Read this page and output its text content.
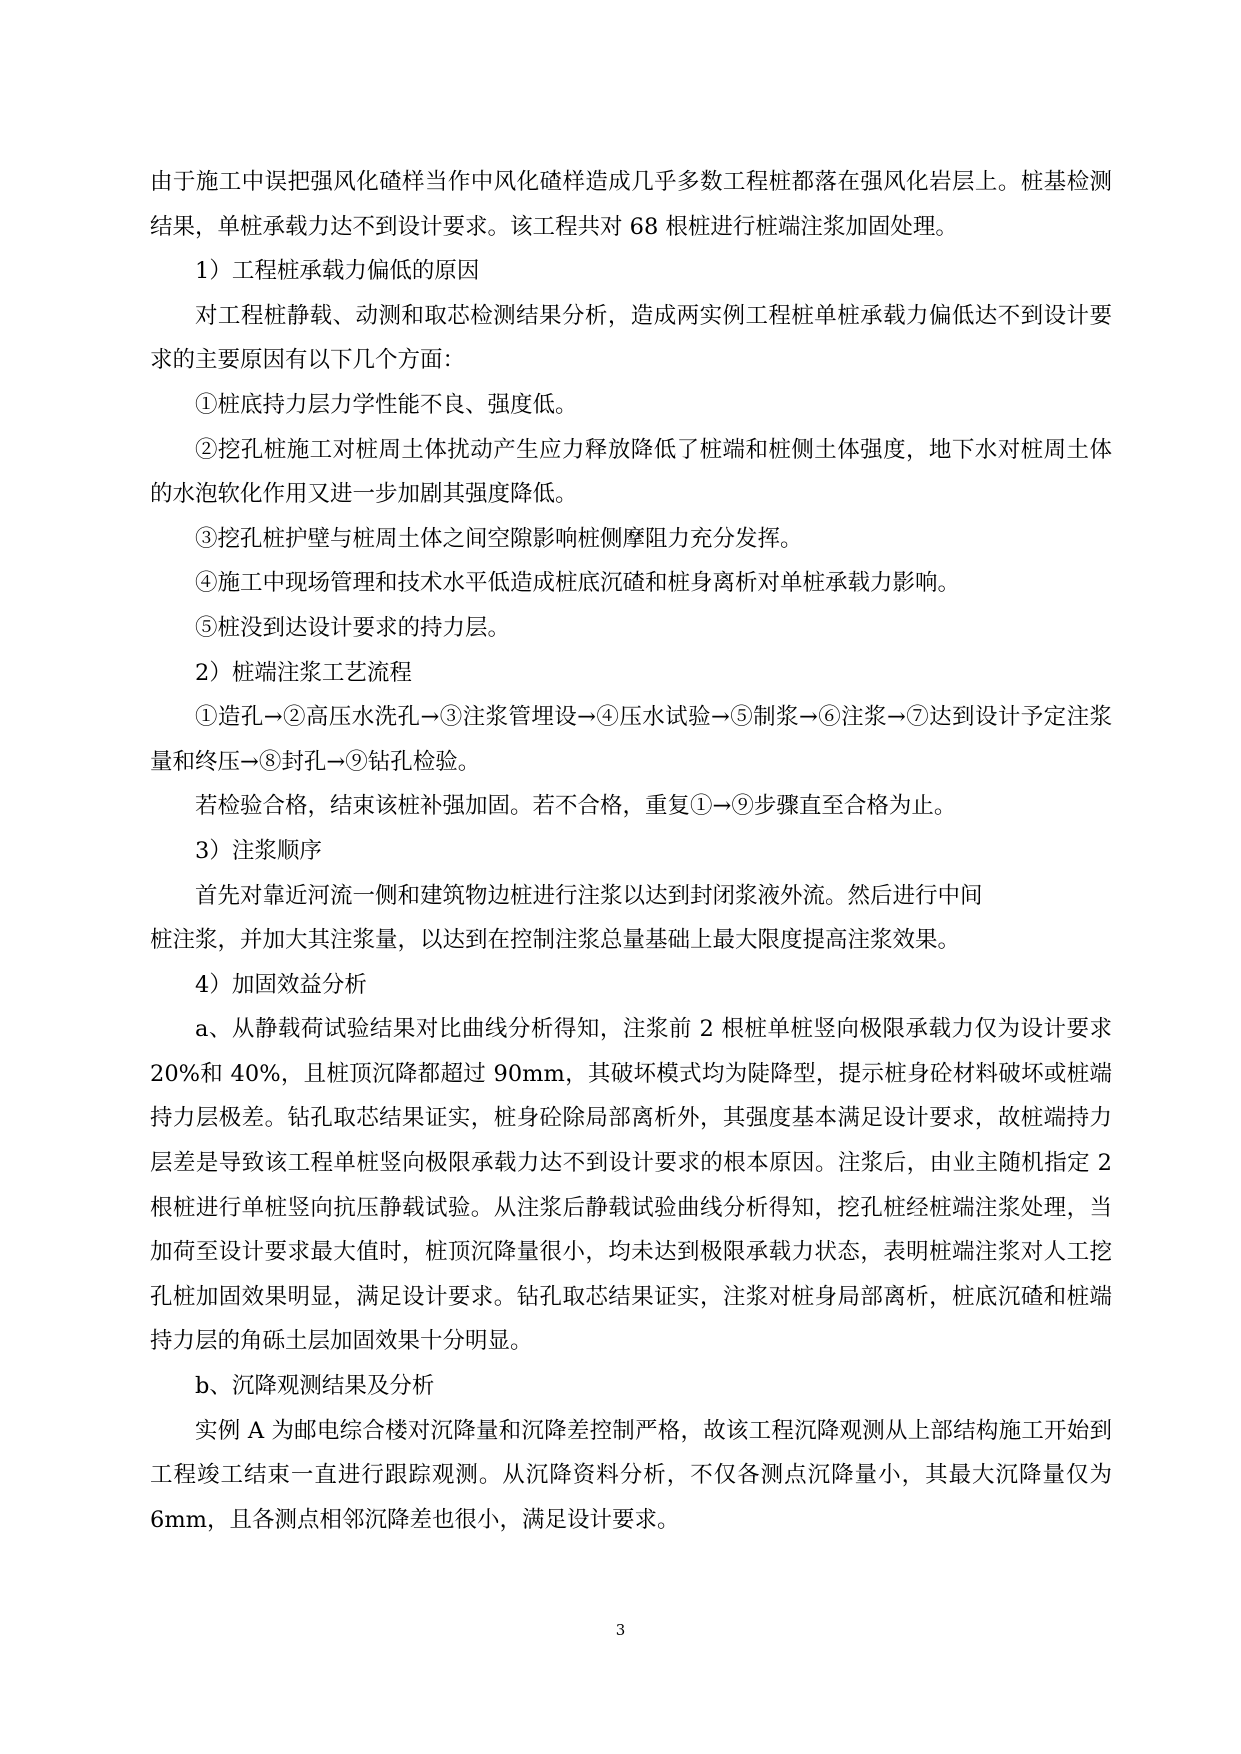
由于施工中误把强风化碴样当作中风化碴样造成几乎多数工程桩都落在强风化岩层上。桩基检测结果，单桩承载力达不到设计要求。该工程共对 68 根桩进行桩端注浆加固处理。

1）工程桩承载力偏低的原因

对工程桩静载、动测和取芯检测结果分析，造成两实例工程桩单桩承载力偏低达不到设计要求的主要原因有以下几个方面：

①桩底持力层力学性能不良、强度低。

②挖孔桩施工对桩周土体扰动产生应力释放降低了桩端和桩侧土体强度，地下水对桩周土体的水泡软化作用又进一步加剧其强度降低。

③挖孔桩护壁与桩周土体之间空隙影响桩侧摩阻力充分发挥。

④施工中现场管理和技术水平低造成桩底沉碴和桩身离析对单桩承载力影响。

⑤桩没到达设计要求的持力层。

2）桩端注浆工艺流程

①造孔→②高压水洗孔→③注浆管埋设→④压水试验→⑤制浆→⑥注浆→⑦达到设计予定注浆量和终压→⑧封孔→⑨钻孔检验。

若检验合格，结束该桩补强加固。若不合格，重复①→⑨步骤直至合格为止。

3）注浆顺序

首先对靠近河流一侧和建筑物边桩进行注浆以达到封闭浆液外流。然后进行中间

桩注浆，并加大其注浆量，以达到在控制注浆总量基础上最大限度提高注浆效果。

4）加固效益分析

a、从静载荷试验结果对比曲线分析得知，注浆前 2 根桩单桩竖向极限承载力仅为设计要求 20%和 40%，且桩顶沉降都超过 90mm，其破坏模式均为陡降型，提示桩身砼材料破坏或桩端持力层极差。钻孔取芯结果证实，桩身砼除局部离析外，其强度基本满足设计要求，故桩端持力层差是导致该工程单桩竖向极限承载力达不到设计要求的根本原因。注浆后，由业主随机指定 2 根桩进行单桩竖向抗压静载试验。从注浆后静载试验曲线分析得知，挖孔桩经桩端注浆处理，当加荷至设计要求最大值时，桩顶沉降量很小，均未达到极限承载力状态，表明桩端注浆对人工挖孔桩加固效果明显，满足设计要求。钻孔取芯结果证实，注浆对桩身局部离析，桩底沉碴和桩端持力层的角砾土层加固效果十分明显。

b、沉降观测结果及分析

实例 A 为邮电综合楼对沉降量和沉降差控制严格，故该工程沉降观测从上部结构施工开始到工程竣工结束一直进行跟踪观测。从沉降资料分析，不仅各测点沉降量小，其最大沉降量仅为 6mm，且各测点相邻沉降差也很小，满足设计要求。

3
